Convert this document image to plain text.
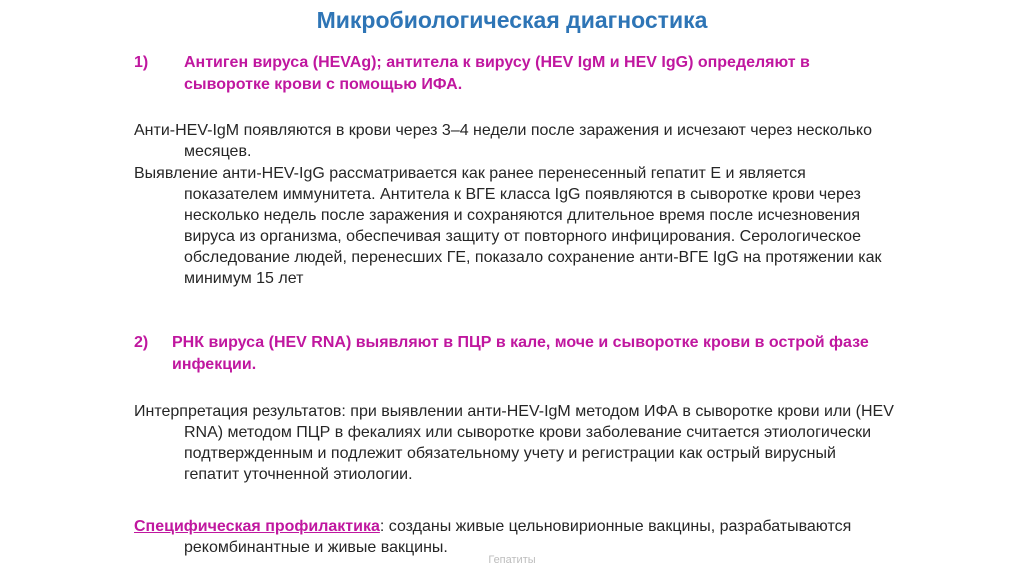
Микробиологическая диагностика
1)	Антиген вируса (HEVAg); антитела к вирусу (HEV IgM и HEV IgG) определяют в сыворотке крови с помощью ИФА.
Анти-HEV-IgM появляются в крови через 3–4 недели после заражения и исчезают через несколько месяцев.
Выявление анти-HEV-IgG рассматривается как ранее перенесенный гепатит Е и является показателем иммунитета. Антитела к ВГЕ класса IgG появляются в сыворотке крови через несколько недель после заражения и сохраняются длительное время после исчезновения вируса из организма, обеспечивая защиту от повторного инфицирования. Серологическое обследование людей, перенесших ГЕ, показало сохранение анти-ВГЕ IgG на протяжении как минимум 15 лет
2)	РНК вируса (HEV RNA) выявляют в ПЦР в кале, моче и сыворотке крови в острой фазе инфекции.
Интерпретация результатов: при выявлении анти-HEV-IgM методом ИФА в сыворотке крови или (HEV RNA) методом ПЦР в фекалиях или сыворотке крови заболевание считается этиологически подтвержденным и подлежит обязательному учету и регистрации как острый вирусный гепатит уточненной этиологии.
Специфическая профилактика: созданы живые цельновирионные вакцины, разрабатываются рекомбинантные и живые вакцины.
Гепатиты
